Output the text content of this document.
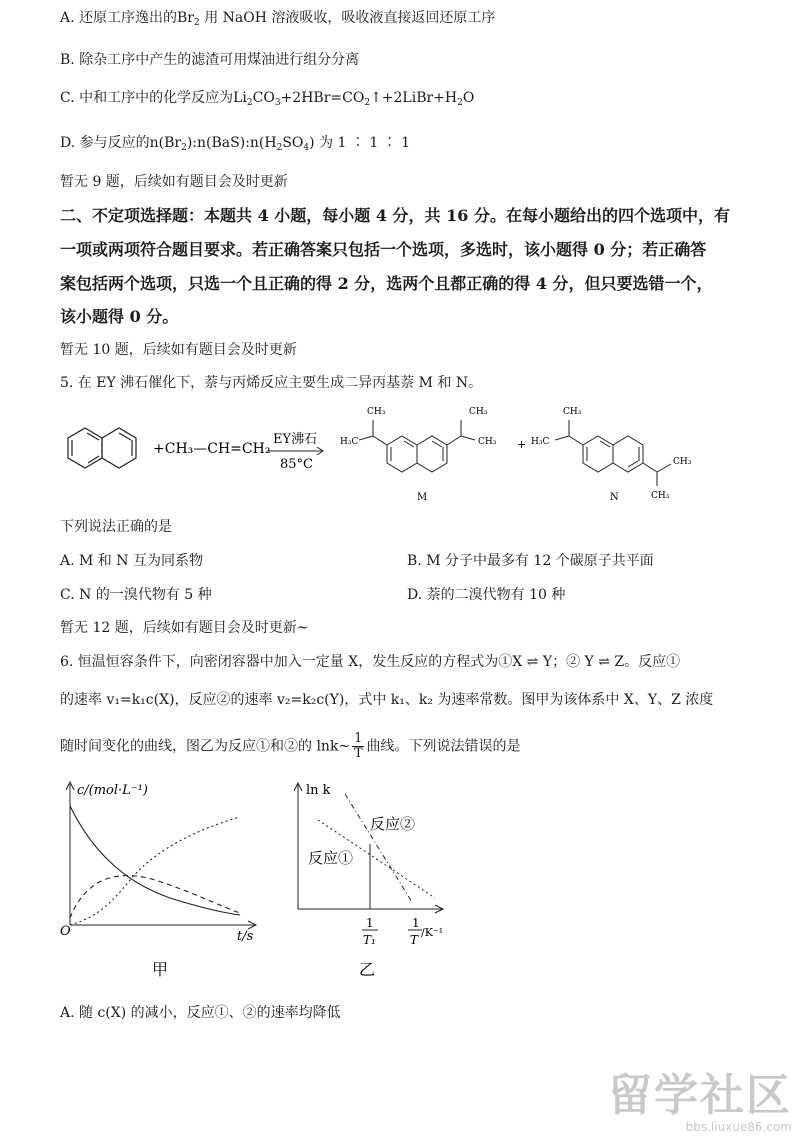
A. 还原工序逸出的$Br_2$ 用 NaOH 溶液吸收，吸收液直接返回还原工序
B. 除杂工序中产生的滤渣可用煤油进行组分分离
C. 中和工序中的化学反应为$Li_2CO_3+2HBr=CO_2↑+2LiBr+H_2O$
D. 参与反应的$n(Br_2):n(BaS):n(H_2SO_4)$ 为 1 ∶ 1 ∶ 1
暂无 9 题，后续如有题目会及时更新
二、不定项选择题：本题共 4 小题，每小题 4 分，共 16 分。在每小题给出的四个选项中，有
一项或两项符合题目要求。若正确答案只包括一个选项，多选时，该小题得 0 分；若正确答
案包括两个选项，只选一个且正确的得 2 分，选两个且都正确的得 4 分，但只要选错一个，
该小题得 0 分。
暂无 10 题，后续如有题目会及时更新
5. 在 EY 沸石催化下，萘与丙烯反应主要生成二异丙基萘 M 和 N。
+CH₃—CH=CH₂
EY沸石
85°C
CH₃
H₃C
CH₃
CH₃
M
+
CH₃
H₃C
CH₃
CH₃
N
下列说法正确的是
A. M 和 N 互为同系物	B. M 分子中最多有 12 个碳原子共平面
C. N 的一溴代物有 5 种	D. 萘的二溴代物有 10 种
暂无 12 题，后续如有题目会及时更新~
6. 恒温恒容条件下，向密闭容器中加入一定量 X，发生反应的方程式为①X ⇌ Y；② Y ⇌ Z。反应①
的速率 v₁=k₁c(X)，反应②的速率 v₂=k₂c(Y)，式中 k₁、k₂ 为速率常数。图甲为该体系中 X、Y、Z 浓度
随时间变化的曲线，图乙为反应①和②的 lnk~ $\frac{1}{T}$ 曲线。下列说法错误的是
c/(mol·L⁻¹)
O	t/s
甲
ln k
反应②
反应①
1
T₁
1
T
/K⁻¹
乙
A. 随 c(X) 的减小，反应①、②的速率均降低
留学社区
bbs.liuxue86.com
